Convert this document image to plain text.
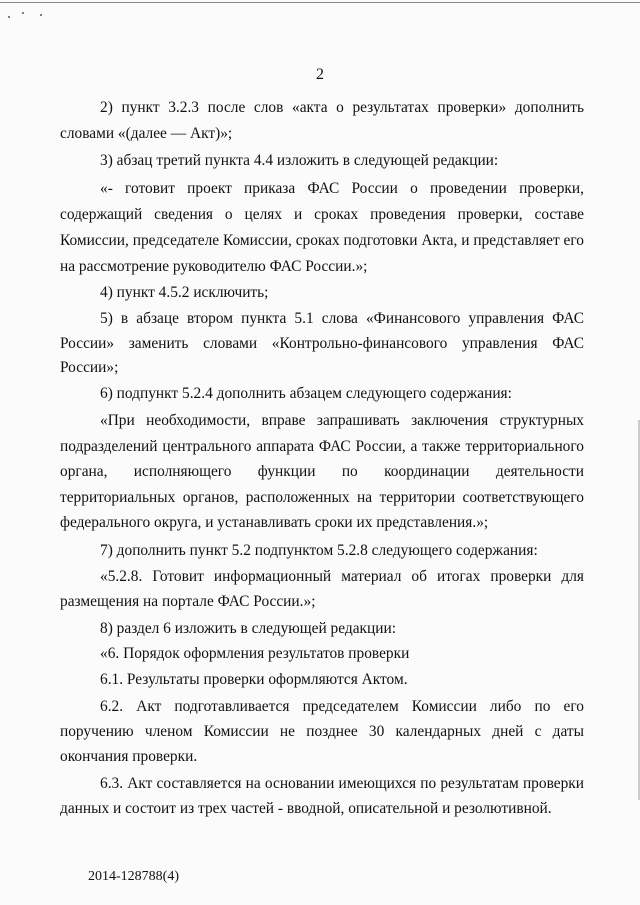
2
2) пункт 3.2.3 после слов «акта о результатах проверки» дополнить
словами «(далее — Акт)»;
3) абзац третий пункта 4.4 изложить в следующей редакции:
«- готовит проект приказа ФАС России о проведении проверки,
содержащий сведения о целях и сроках проведения проверки, составе
Комиссии, председателе Комиссии, сроках подготовки Акта, и представляет его
на рассмотрение руководителю ФАС России.»;
4) пункт 4.5.2 исключить;
5) в абзаце втором пункта 5.1 слова «Финансового управления ФАС
России» заменить словами «Контрольно-финансового управления ФАС
России»;
6) подпункт 5.2.4 дополнить абзацем следующего содержания:
«При необходимости, вправе запрашивать заключения структурных
подразделений центрального аппарата ФАС России, а также территориального
органа, исполняющего функции по координации деятельности
территориальных органов, расположенных на территории соответствующего
федерального округа, и устанавливать сроки их представления.»;
7) дополнить пункт 5.2 подпунктом 5.2.8 следующего содержания:
«5.2.8. Готовит информационный материал об итогах проверки для
размещения на портале ФАС России.»;
8) раздел 6 изложить в следующей редакции:
«6. Порядок оформления результатов проверки
6.1. Результаты проверки оформляются Актом.
6.2. Акт подготавливается председателем Комиссии либо по его
поручению членом Комиссии не позднее 30 календарных дней с даты
окончания проверки.
6.3. Акт составляется на основании имеющихся по результатам проверки
данных и состоит из трех частей - вводной, описательной и резолютивной.
2014-128788(4)
